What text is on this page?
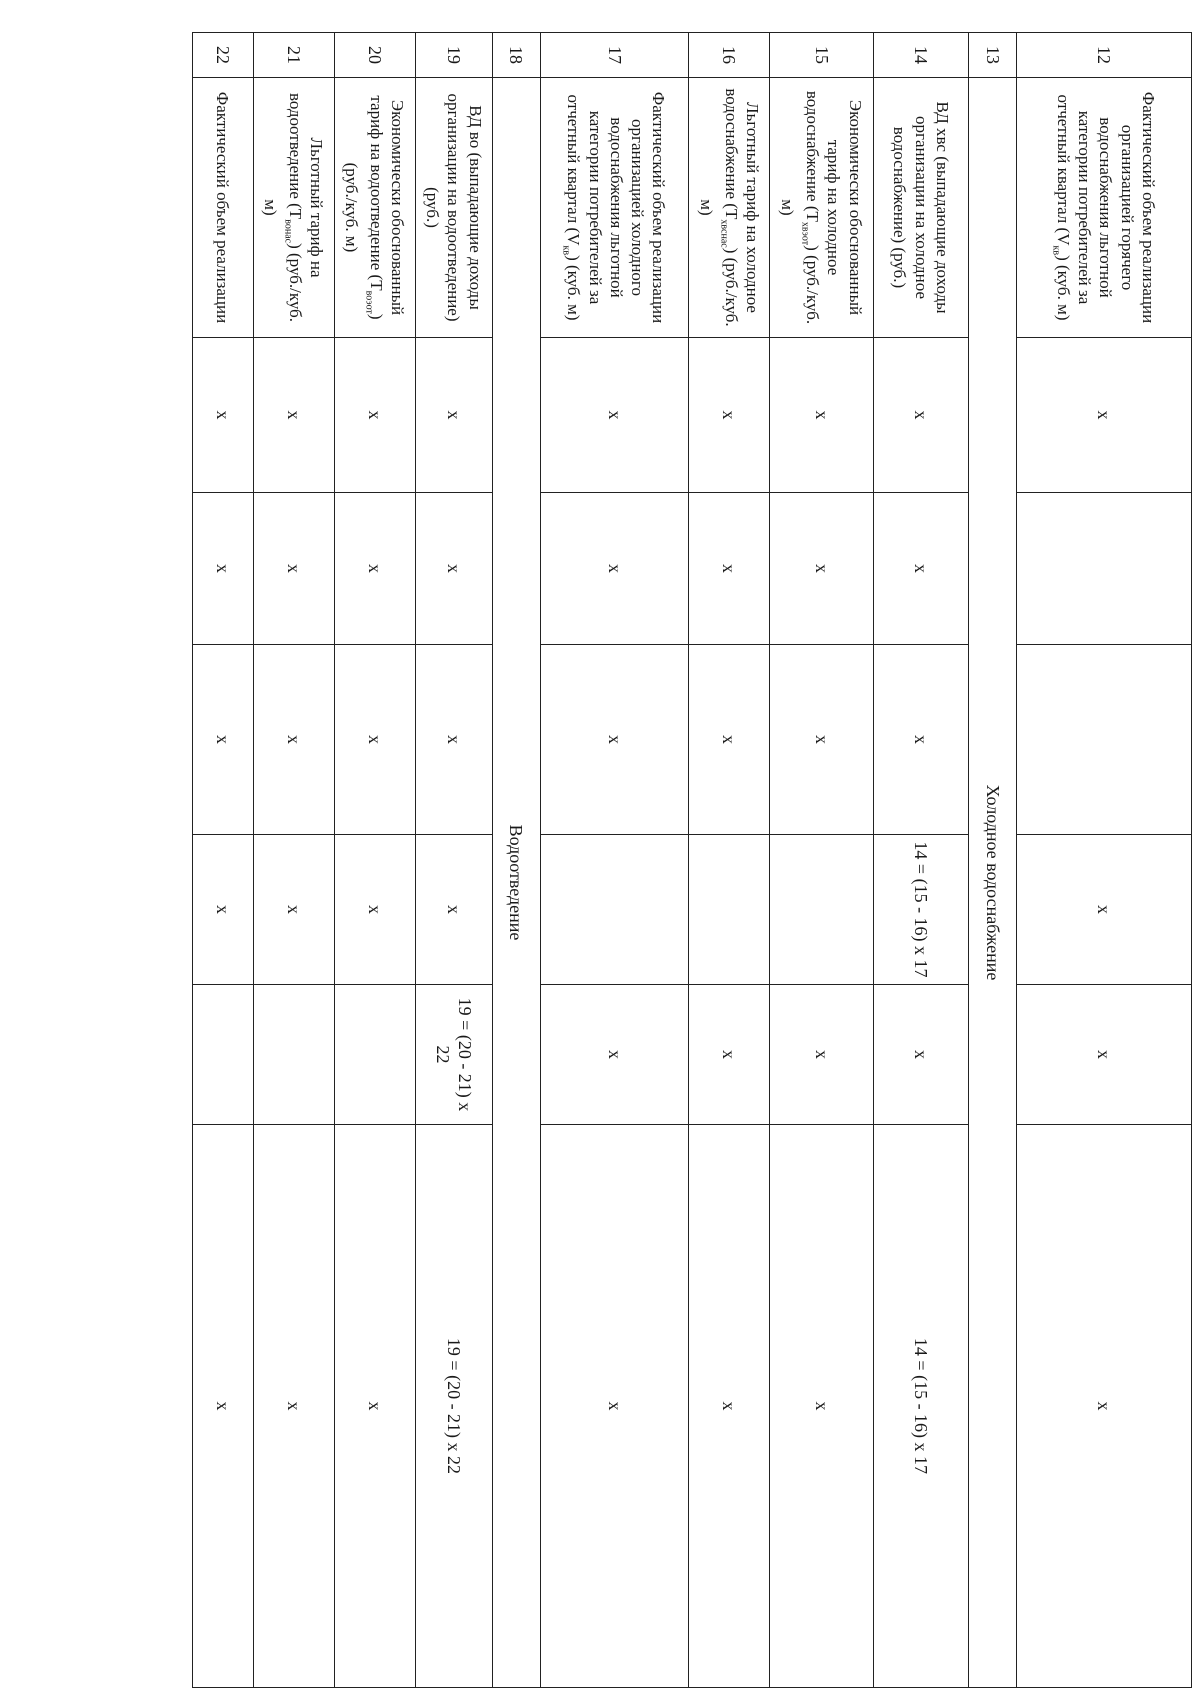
12	Фактический объем реализации организацией горячего водоснабжения льготной категории потребителей за отчетный квартал $(V_{кв})$ (куб. м)	х			х	х	х
13	Холодное водоснабжение						
14	ВД хвс (выпадающие доходы организации на холодное водоснабжение) (руб.)	х	х	х	14 = (15 - 16) х 17	х	14 = (15 - 16) х 17
15	Экономически обоснованный тариф на холодное водоснабжение $(Т_{хвэот})$ (руб./куб. м)	х	х	х		х	х
16	Льготный тариф на холодное водоснабжение $(Т_{хвснас})$ (руб./куб. м)	х	х	х		х	х
17	Фактический объем реализации организацией холодного водоснабжения льготной категории потребителей за отчетный квартал $(V_{кв})$ (куб. м)	х	х	х		х	х
18	Водоотведение						
19	ВД во (выпадающие доходы организации на водоотведение) (руб.)	х	х	х	х	19 = (20 - 21) х 22	19 = (20 - 21) х 22
20	Экономически обоснованный тариф на водоотведение $(Т_{воэот})$ (руб./куб. м)	х	х	х	х		х
21	Льготный тариф на водоотведение $(Т_{вонас})$ (руб./куб. м)	х	х	х	х		х
22	Фактический объем реализации	х	х	х	х		х
